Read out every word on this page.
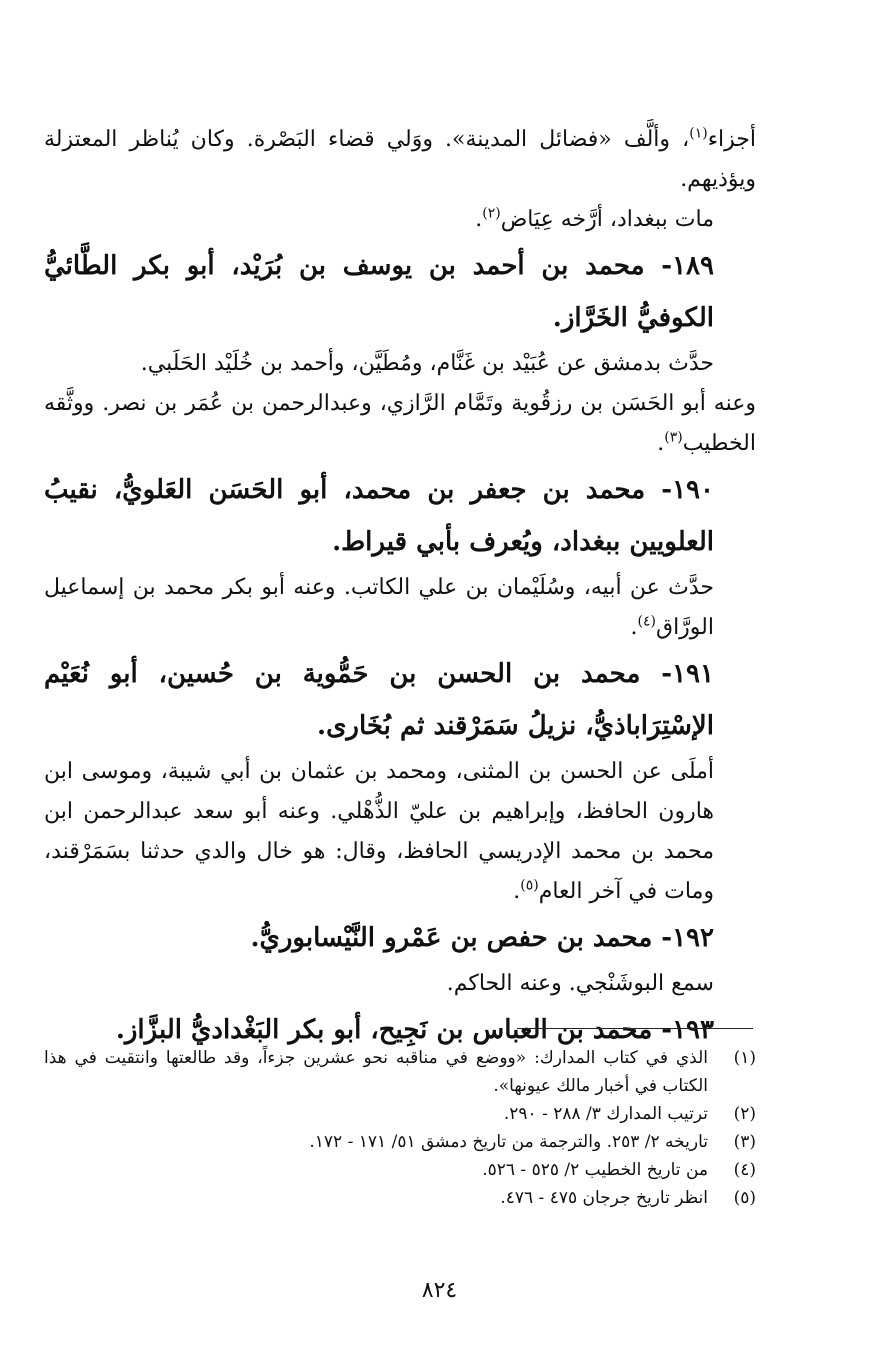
أجزاء$^{(١)}$، وألَّف «فضائل المدينة». ووَلي قضاء البَصْرة. وكان يُناظر المعتزلة ويؤذيهم.

مات ببغداد، أرَّخه عِيَاض$^{(٢)}$.

١٨٩- محمد بن أحمد بن يوسف بن بُرَيْد، أبو بكر الطَّائيُّ الكوفيُّ الخَرَّاز.

حدَّث بدمشق عن عُبَيْد بن غَنَّام، ومُطَيَّن، وأحمد بن خُلَيْد الحَلَبي.

وعنه أبو الحَسَن بن رزقُوية وتَمَّام الرَّازي، وعبدالرحمن بن عُمَر بن نصر. ووثَّقه الخطيب$^{(٣)}$.

١٩٠- محمد بن جعفر بن محمد، أبو الحَسَن العَلويُّ، نقيبُ العلويين ببغداد، ويُعرف بأبي قيراط.

حدَّث عن أبيه، وسُلَيْمان بن علي الكاتب. وعنه أبو بكر محمد بن إسماعيل الورَّاق$^{(٤)}$.

١٩١- محمد بن الحسن بن حَمُّوية بن حُسين، أبو نُعَيْم الإسْتِرَاباذيُّ، نزيلُ سَمَرْقند ثم بُخَارى.

أملَى عن الحسن بن المثنى، ومحمد بن عثمان بن أبي شيبة، وموسى ابن هارون الحافظ، وإبراهيم بن عليّ الذُّهْلي. وعنه أبو سعد عبدالرحمن ابن محمد بن محمد الإدريسي الحافظ، وقال: هو خال والدي حدثنا بسَمَرْقند، ومات في آخر العام$^{(٥)}$.

١٩٢- محمد بن حفص بن عَمْرو النَّيْسابوريُّ.

سمع البوشَنْجي. وعنه الحاكم.

١٩٣- محمد بن العباس بن نَجِيح، أبو بكر البَغْداديُّ البزَّاز.

(١)
الذي في كتاب المدارك: «ووضع في مناقبه نحو عشرين جزءاً، وقد طالعتها وانتقيت في هذا الكتاب في أخبار مالك عيونها».
(٢)
ترتيب المدارك ٣/ ٢٨٨ - ٢٩٠.
(٣)
تاريخه ٢/ ٢٥٣. والترجمة من تاريخ دمشق ٥١/ ١٧١ - ١٧٢.
(٤)
من تاريخ الخطيب ٢/ ٥٢٥ - ٥٢٦.
(٥)
انظر تاريخ جرجان ٤٧٥ - ٤٧٦.
٨٢٤
